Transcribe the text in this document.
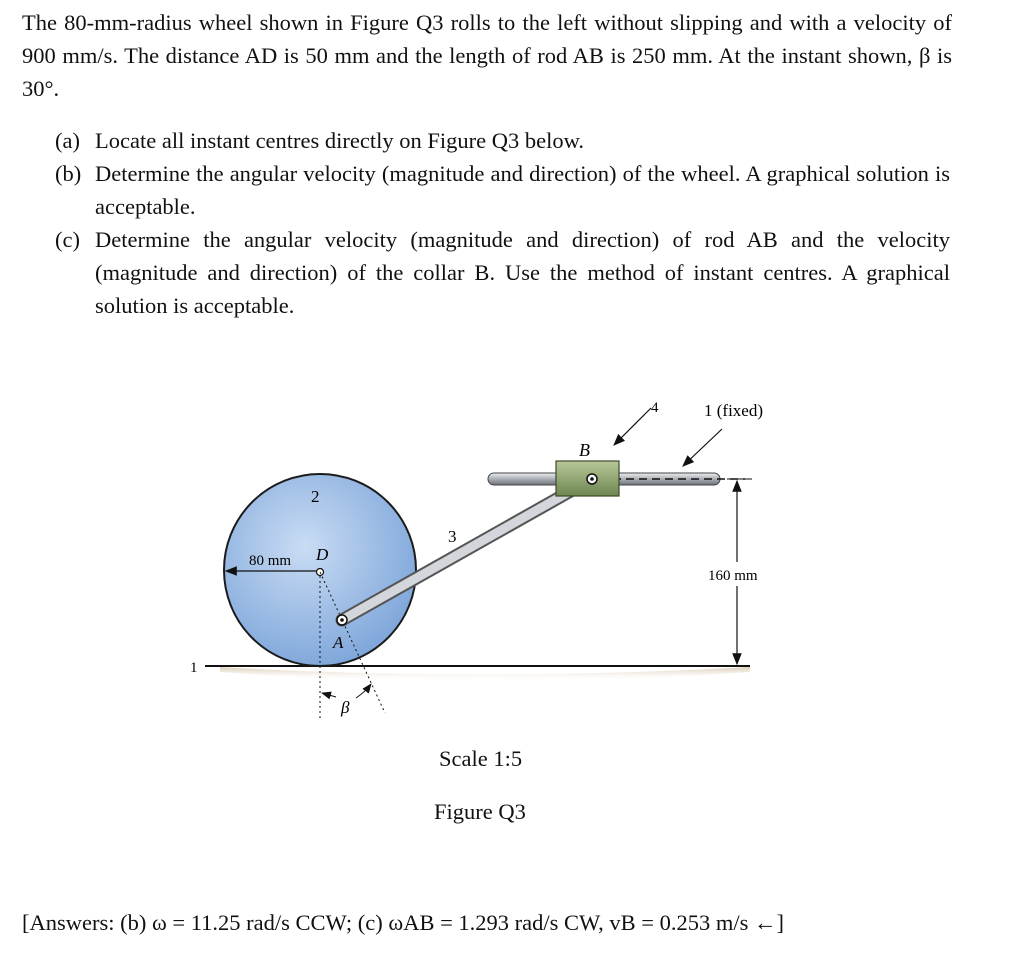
The 80-mm-radius wheel shown in Figure Q3 rolls to the left without slipping and with a velocity of 900 mm/s. The distance AD is 50 mm and the length of rod AB is 250 mm. At the instant shown, β is 30°.
(a) Locate all instant centres directly on Figure Q3 below.
(b) Determine the angular velocity (magnitude and direction) of the wheel. A graphical solution is acceptable.
(c) Determine the angular velocity (magnitude and direction) of rod AB and the velocity (magnitude and direction) of the collar B. Use the method of instant centres. A graphical solution is acceptable.
1
2
80 mm D
β
3
A
B
4	1 (fixed)
160 mm
Scale 1:5
Figure Q3
[Answers: (b) ω = 11.25 rad/s CCW; (c) ωAB = 1.293 rad/s CW, vB = 0.253 m/s ←]
